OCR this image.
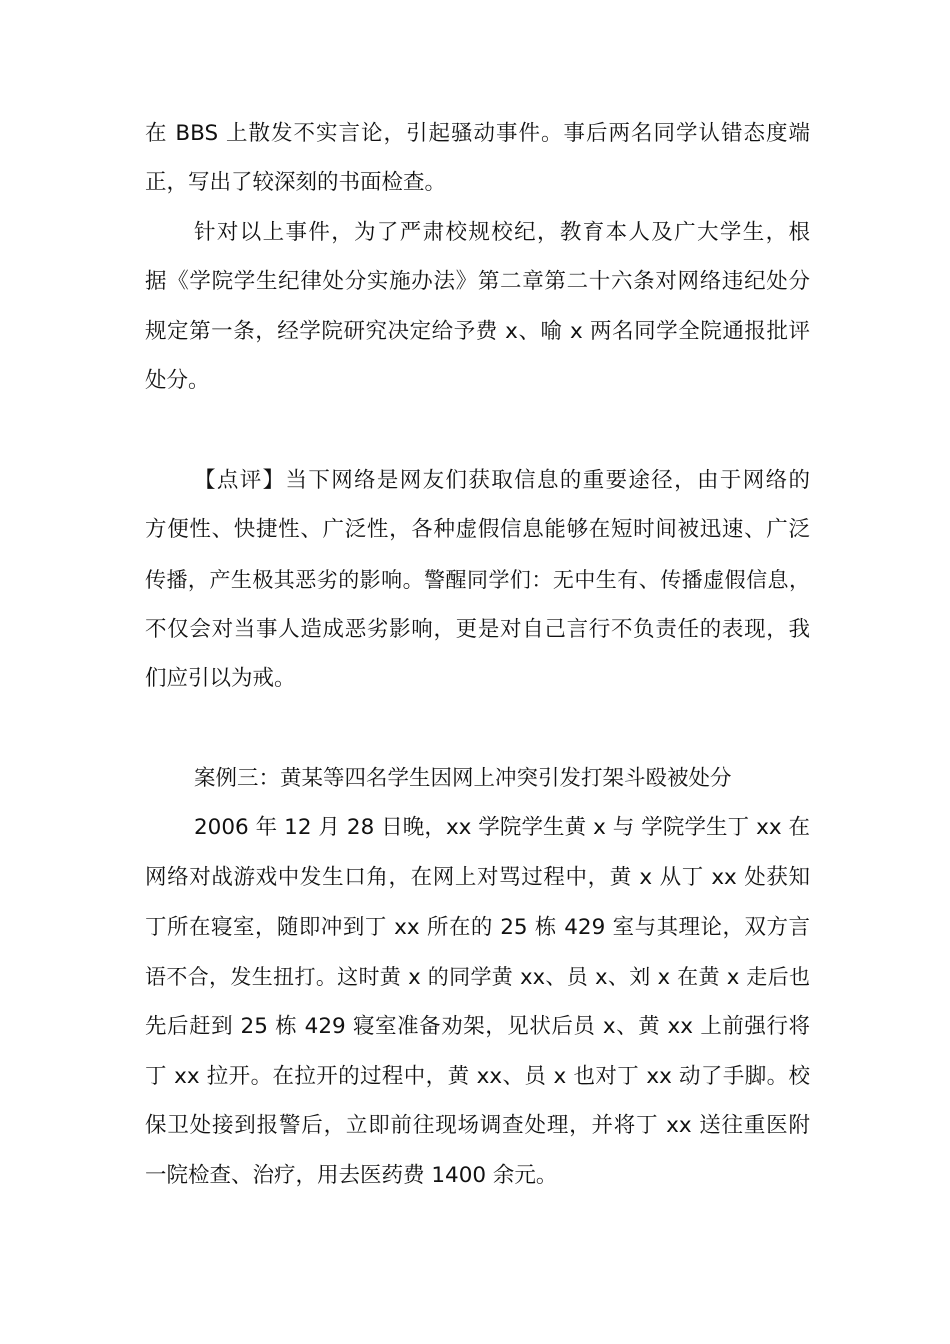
在 BBS 上散发不实言论，引起骚动事件。事后两名同学认错态度端
正，写出了较深刻的书面检查。
针对以上事件，为了严肃校规校纪，教育本人及广大学生，根
据《学院学生纪律处分实施办法》第二章第二十六条对网络违纪处分
规定第一条，经学院研究决定给予费 x、喻 x 两名同学全院通报批评
处分。
【点评】当下网络是网友们获取信息的重要途径，由于网络的
方便性、快捷性、广泛性，各种虚假信息能够在短时间被迅速、广泛
传播，产生极其恶劣的影响。警醒同学们：无中生有、传播虚假信息，
不仅会对当事人造成恶劣影响，更是对自己言行不负责任的表现，我
们应引以为戒。
案例三：黄某等四名学生因网上冲突引发打架斗殴被处分
2006 年 12 月 28 日晚，xx 学院学生黄 x 与 学院学生丁 xx 在
网络对战游戏中发生口角，在网上对骂过程中，黄 x 从丁 xx 处获知
丁所在寝室，随即冲到丁 xx 所在的 25 栋 429 室与其理论，双方言
语不合，发生扭打。这时黄 x 的同学黄 xx、员 x、刘 x 在黄 x 走后也
先后赶到 25 栋 429 寝室准备劝架，见状后员 x、黄 xx 上前强行将
丁 xx 拉开。在拉开的过程中，黄 xx、员 x 也对丁 xx 动了手脚。校
保卫处接到报警后，立即前往现场调查处理，并将丁 xx 送往重医附
一院检查、治疗，用去医药费 1400 余元。
